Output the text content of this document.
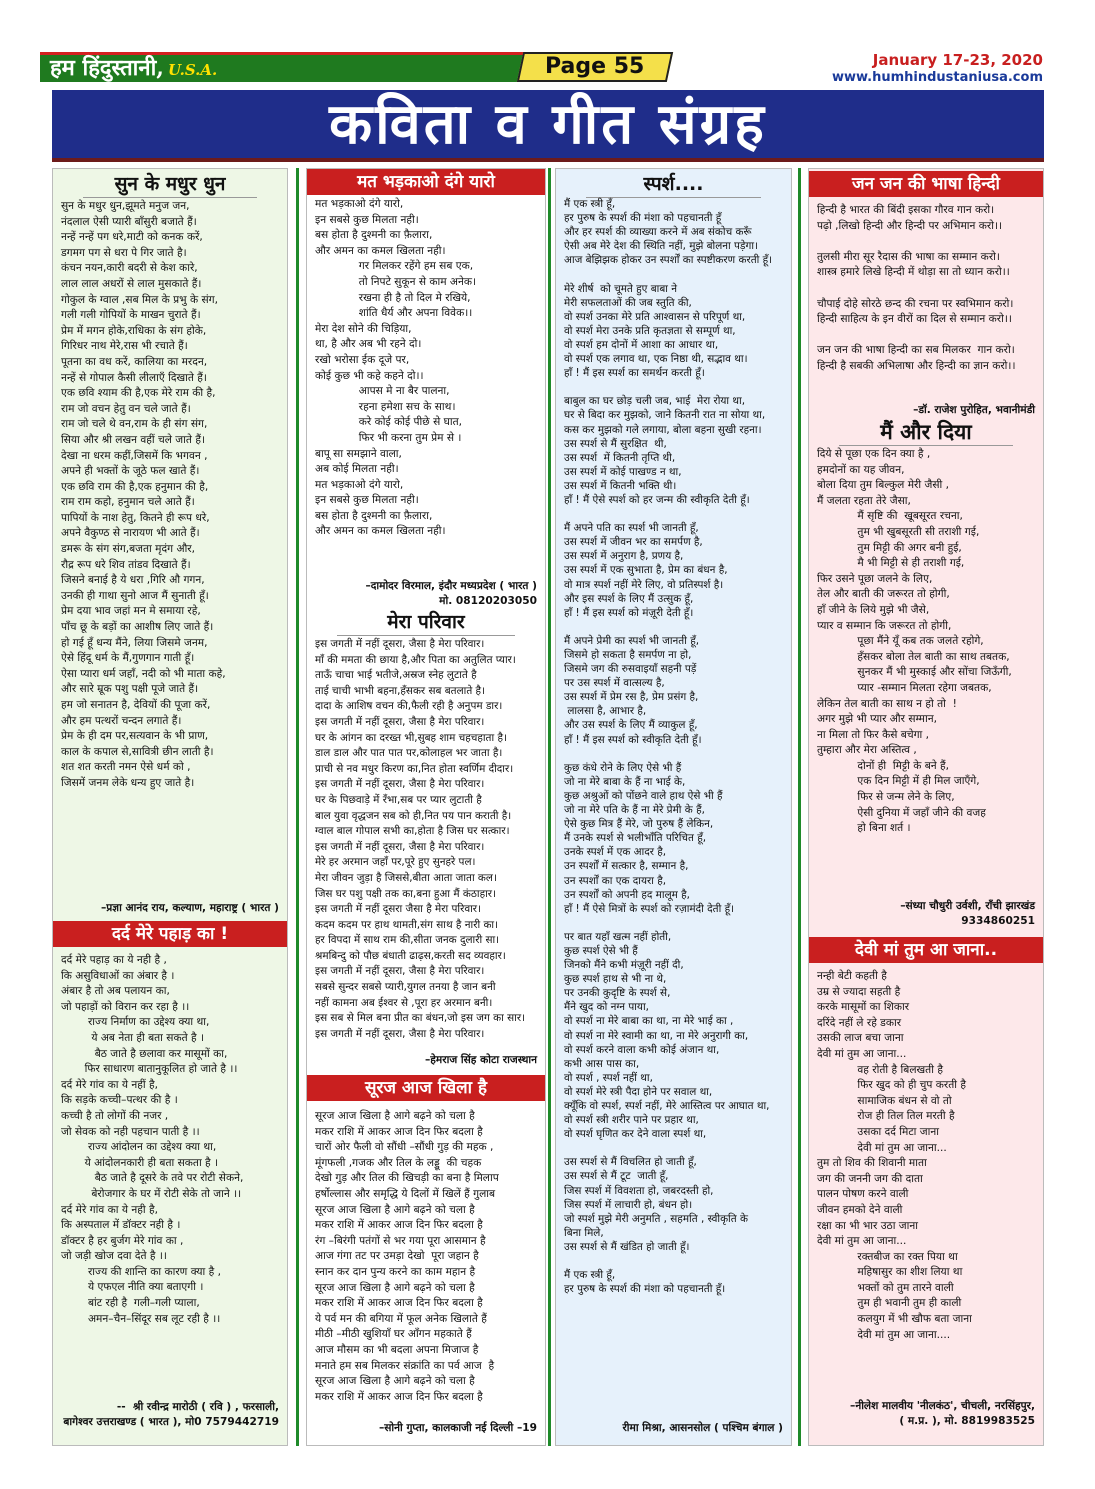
हम हिंदुस्तानी, U.S.A.	Page 55	January 17-23, 2020
www.humhindustaniusa.com
कविता व गीत संग्रह
सुन के मधुर धुन
सुन के मधुर धुन,झूमते मनुज जन,
नंदलाल ऐसी प्यारी बाँसुरी बजाते हैं।
नन्हें नन्हें पग धरे,माटी को कनक करें,
डगमग पग से धरा पे गिर जाते है।
कंचन नयन,कारी बदरी से केश कारे,
लाल लाल अधरों से लाल मुसकाते हैं।
गोकुल के ग्वाल ,सब मिल के प्रभु के संग,
गली गली गोपियों के माखन चुराते हैं।
प्रेम में मगन होके,राधिका के संग होके,
गिरिधर नाथ मेरे,रास भी रचाते हैं।
पूतना का वध करें, कालिया का मरदन,
नन्हें से गोपाल कैसी लीलाएँ दिखाते हैं।
एक छवि श्याम की है,एक मेरे राम की है,
राम जो वचन हेतु वन चले जाते हैं।
राम जो चले थे वन,राम के ही संग संग,
सिया और श्री लखन वहीं चले जाते हैं।
देखा ना धरम कहीं,जिसमें कि भगवन ,
अपने ही भक्तों के जूठे फल खाते हैं।
एक छवि राम की है,एक हनुमान की है,
राम राम कहो, हनुमान चले आते हैं।
पापियों के नाश हेतु, कितने ही रूप धरे,
अपने वैकुण्ठ से नारायण भी आते हैं।
डमरू के संग संग,बजता मृदंग और,
रौद्र रूप धरे शिव तांडव दिखाते हैं।
जिसने बनाई है ये धरा ,गिरि औ गगन,
उनकी ही गाथा सुनो आज मैं सुनाती हूँ।
प्रेम दया भाव जहां मन मे समाया रहे,
पाँच छू के बड़ों का आशीष लिए जाते हैं।
हो गई हूँ धन्य मैंने, लिया जिसमे जनम,
ऐसे हिंदू धर्म के मैं,गुणगान गाती हूँ।
ऐसा प्यारा धर्म जहाँ, नदी को भी माता कहे,
और सारे म्रूक पशु पक्षी पूजे जाते हैं।
हम जो सनातन है, देवियों की पूजा करें,
और हम पत्थरों चन्दन लगाते हैं।
प्रेम के ही दम पर,सत्यवान के भी प्राण,
काल के कपाल से,सावित्री छीन लाती है।
शत शत करती नमन ऐसे धर्म को ,
जिसमें जनम लेके धन्य हुए जाते है।
–प्रज्ञा आनंद राय, कल्याण, महाराष्ट्र ( भारत )
दर्द मेरे पहाड़ का !
दर्द मेरे पहाड़ का ये नही है ,
कि असुविधाओं का अंबार है ।
अंबार है तो अब पलायन का,
जो पहाड़ों को विरान कर रहा है ।।
राज्य निर्माण का उद्देश्य क्या था,
ये अब नेता ही बता सकते है ।
बैठ जाते है छलावा कर मासूमों का,
फिर साधारण बातानुकूलित हो जाते है ।।
दर्द मेरे गांव का ये नहीं है,
कि सड़के कच्ची–पत्थर की है ।
कच्ची है तो लोगों की नजर ,
जो सेवक को नही पहचान पाती है ।।
राज्य आंदोलन का उद्देश्य क्या था,
ये आंदोलनकारी ही बता सकता है ।
बैठ जाते है दूसरे के तवे पर रोटी सेकने,
बेरोजगार के घर में रोटी सेके तो जाने ।।
दर्द मेरे गांव का ये नही है,
कि अस्पताल में डॉक्टर नही है ।
डॉक्टर है हर बुर्जग मेरे गांव का ,
जो जड़ी खोज दवा देते है ।।
राज्य की शान्ति का कारण क्या है ,
ये एफएल नीति क्या बताएगी ।
बांट रही है  गली–गली प्याला,
अमन–चैन–सिंदूर सब लूट रही है ।।
--  श्री रवीन्द्र मारोठी ( रवि ) , फरसाली,
बागेश्वर उत्तराखण्ड ( भारत ), मो0 7579442719
मत भड़काओ दंगे यारो
मत भड़काओ दंगे यारो,
इन सबसे कुछ मिलता नही।
बस होता है दुश्मनी का फ़ैलारा,
और अमन का कमल खिलता नही।
गर मिलकर रहेंगे हम सब एक,
तो निपटे सुकून से काम अनेक।
रखना ही है तो दिल मे रखिये,
शांति धैर्य और अपना विवेक।।
मेरा देश सोने की चिड़िया,
था, है और अब भी रहने दो।
रखो भरोसा ईक दूजे पर,
कोई कुछ भी कहे कहने दो।।
आपस मे ना बैर पालना,
रहना हमेशा सच के साथ।
करे कोई कोई पीछे से घात,
फिर भी करना तुम प्रेम से ।
बापू सा समझाने वाला,
अब कोई मिलता नही।
मत भड़काओ दंगे यारो,
इन सबसे कुछ मिलता नही।
बस होता है दुश्मनी का फ़ैलारा,
और अमन का कमल खिलता नही।
–दामोदर विरमाल, इंदौर मध्यप्रदेश ( भारत )
मो. 08120203050
मेरा परिवार
इस जगती में नहीं दूसरा, जैसा है मेरा परिवार।
माँ की ममता की छाया है,और पिता का अतुलित प्यार।
ताऊँ चाचा भाई भतीजे,अस्रज स्नेह लुटाते है
ताई चाची भाभी बहना,हँसकर सब बतलाते है।
दादा के आशिष वचन की,फैली रही है अनुपम डार।
इस जगती में नहीं दूसरा, जैसा है मेरा परिवार।
घर के आंगन का दरख्त भी,सुबह शाम चहचहाता है।
डाल डाल और पात पात पर,कोलाहल भर जाता है।
प्राची से नव मधुर किरण का,नित होता स्वर्णिम दीदार।
इस जगती में नहीं दूसरा, जैसा है मेरा परिवार।
घर के पिछवाड़े में रँभा,सब पर प्यार लुटाती है
बाल युवा वृद्धजन सब को ही,नित पय पान कराती है।
ग्वाल बाल गोपाल सभी का,होता है जिस घर सत्कार।
इस जगती में नहीं दूसरा, जैसा है मेरा परिवार।
मेरे हर अरमान जहाँ पर,पूरे हुए सुनहरे पल।
मेरा जीवन जुड़ा है जिससे,बीता आता जाता कल।
जिस घर पशु पक्षी तक का,बना हुआ मैं कंठाहार।
इस जगती में नहीं दूसरा जैसा है मेरा परिवार।
कदम कदम पर हाथ थामती,संग साथ है नारी का।
हर विपदा में साथ राम की,सीता जनक दुलारी सा।
श्रमबिन्दु को पौछ बंधाती ढाढ़स,करती सद व्यवहार।
इस जगती में नहीं दूसरा, जैसा है मेरा परिवार।
सबसे सुन्दर सबसे प्यारी,युगल तनया है जान बनी
नहीं कामना अब ईश्वर से ,पूरा हर अरमान बनी।
इस सब से मिल बना प्रीत का बंधन,जो इस जग का सार।
इस जगती में नहीं दूसरा, जैसा है मेरा परिवार।
–हेमराज सिंह कोटा राजस्थान
सूरज आज खिला है
सूरज आज खिला है आगे बढ़ने को चला है
मकर राशि में आकर आज दिन फिर बदला है
चारों ओर फैली वो सौंधी –सौंधी गुड़ की महक ,
मूंगफली ,गजक और तिल के लड्डू  की चहक
देखो गुड़ और तिल की खिचड़ी का बना है मिलाप
हर्षोल्लास और समृद्धि ये दिलों में खिलें हैं गुलाब
सूरज आज खिला है आगे बढ़ने को चला है
मकर राशि में आकर आज दिन फिर बदला है
रंग –बिरंगी पतंगों से भर गया पूरा आसमान है
आज गंगा तट पर उमड़ा देखो  पूरा जहान है
स्नान कर दान पुन्य करने का काम महान है
सूरज आज खिला है आगे बढ़ने को चला है
मकर राशि में आकर आज दिन फिर बदला है
ये पर्व मन की बगिया में फूल अनेक खिलाते हैं
मीठी –मीठी खुशियाँ घर आँगन महकाते हैं
आज मौसम का भी बदला अपना मिजाज है
मनाते हम सब मिलकर संक्रांति का पर्व आज  है
सूरज आज खिला है आगे बढ़ने को चला है
मकर राशि में आकर आज दिन फिर बदला है
–सोनी गुप्ता, कालकाजी नई दिल्ली –19
स्पर्श....
मैं एक स्त्री हूँ,
हर पुरुष के स्पर्श की मंशा को पहचानती हूँ
और हर स्पर्श की व्याख्या करने में अब संकोच करूँ
ऐसी अब मेरे देश की स्थिति नहीं, मुझे बोलना पड़ेगा।
आज बेझिझक होकर उन स्पर्शों का स्पष्टीकरण करती हूँ।

मेरे शीर्ष  को चूमते हुए बाबा ने
मेरी सफलताओं की जब स्तुति की,
वो स्पर्श उनका मेरे प्रति आश्वासन से परिपूर्ण था,
वो स्पर्श मेरा उनके प्रति कृतज्ञता से सम्पूर्ण था,
वो स्पर्श हम दोनों में आशा का आधार था,
वो स्पर्श एक लगाव था, एक निष्ठा थी, सद्भाव था।
हाँ ! मैं इस स्पर्श का समर्थन करती हूँ।

बाबुल का घर छोड़ चली जब, भाई  मेरा रोया था,
घर से बिदा कर मुझको, जाने कितनी रात ना सोया था,
कस कर मुझको गले लगाया, बोला बहना सुखी रहना।
उस स्पर्श से मैं सुरक्षित  थी,
उस स्पर्श  में कितनी तृप्ति थी,
उस स्पर्श में कोई पाखण्ड न था,
उस स्पर्श में कितनी भक्ति थी।
हाँ ! मैं ऐसे स्पर्श को हर जन्म की स्वीकृति देती हूँ।

मैं अपने पति का स्पर्श भी जानती हूँ,
उस स्पर्श में जीवन भर का समर्पण है,
उस स्पर्श में अनुराग है, प्रणय है,
उस स्पर्श में एक सुभाता है, प्रेम का बंधन है,
वो मात्र स्पर्श नहीं मेरे लिए, वो प्रतिस्पर्श है।
और इस स्पर्श के लिए मैं उत्सुक हूँ,
हाँ ! मैं इस स्पर्श को मंज़ूरी देती हूँ।

मैं अपने प्रेमी का स्पर्श भी जानती हूँ,
जिसमे हो सकता है समर्पण ना हो,
जिसमे जग की रुसवाइयाँ सहनी पड़ें
पर उस स्पर्श में वात्सल्य है,
उस स्पर्श में प्रेम रस है, प्रेम प्रसंग है,
लालसा है, आभार है,
और उस स्पर्श के लिए मैं व्याकुल हूँ,
हाँ ! मैं इस स्पर्श को स्वीकृति देती हूँ।

कुछ कंधे रोने के लिए ऐसे भी हैं
जो ना मेरे बाबा के हैं ना भाई के,
कुछ अश्रुओं को पोंछने वाले हाथ ऐसे भी हैं
जो ना मेरे पति के हैं ना मेरे प्रेमी के हैं,
ऐसे कुछ मित्र हैं मेरे, जो पुरुष हैं लेकिन,
मैं उनके स्पर्श से भलीभाँति परिचित हूँ,
उनके स्पर्श में एक आदर है,
उन स्पर्शों में सत्कार है, सम्मान है,
उन स्पर्शों का एक दायरा है,
उन स्पर्शों को अपनी हद मालूम है,
हाँ ! मैं ऐसे मित्रों के स्पर्श को रज़ामंदी देती हूँ।

पर बात यहाँ खत्म नहीं होती,
कुछ स्पर्श ऐसे भी हैं
जिनको मैंने कभी मंज़ूरी नहीं दी,
कुछ स्पर्श हाथ से भी ना थे,
पर उनकी कुदृष्टि के स्पर्श से,
मैंने खुद को नग्न पाया,
वो स्पर्श ना मेरे बाबा का था, ना मेरे भाई का ,
वो स्पर्श ना मेरे स्वामी का था, ना मेरे अनुरागी का,
वो स्पर्श करने वाला कभी कोई अंजान था,
कभी आस पास का,
वो स्पर्श , स्पर्श नहीं था,
वो स्पर्श मेरे स्त्री पैदा होने पर सवाल था,
क्यूँकि वो स्पर्श, स्पर्श नहीं, मेरे आस्तित्व पर आघात था,
वो स्पर्श स्त्री शरीर पाने पर प्रहार था,
वो स्पर्श घृणित कर देने वाला स्पर्श था,

उस स्पर्श से मैं विचलित हो जाती हूँ,
उस स्पर्श से मैं टूट  जाती हूँ,
जिस स्पर्श में विवशता हो, जबरदस्ती हो,
जिस स्पर्श में लाचारी हो, बंधन हो।
जो स्पर्श मुझे मेरी अनुमति , सहमति , स्वीकृति के
बिना मिले,
उस स्पर्श से मैं खंडित हो जाती हूँ।

मैं एक स्त्री हूँ,
हर पुरुष के स्पर्श की मंशा को पहचानती हूँ।
रीमा मिश्रा, आसनसोल ( पश्चिम बंगाल )
जन जन की भाषा हिन्दी
हिन्दी है भारत की बिंदी इसका गौरव गान करो।
पढ़ो ,लिखो हिन्दी और हिन्दी पर अभिमान करो।।

तुलसी मीरा सूर रैदास की भाषा का सम्मान करो।
शास्त्र हमारे लिखे हिन्दी में थोड़ा सा तो ध्यान करो।।

चौपाई दोहे सोरठे छन्द की रचना पर स्वभिमान करो।
हिन्दी साहित्य के इन वीरों का दिल से सम्मान करो।।

जन जन की भाषा हिन्दी का सब मिलकर  गान करो।
हिन्दी है सबकी अभिलाषा और हिन्दी का ज्ञान करो।।
–डॉ. राजेश पुरोहित, भवानीमंडी
मैं और दिया
दिये से पूछा एक दिन क्या है ,
हमदोनों का यह जीवन,
बोला दिया तुम बिल्कुल मेरी जैसी ,
मैं जलता रहता तेरे जैसा,
मैं सृष्टि की  खूबसूरत रचना,
तुम भी खुबसूरती सी तराशी गई,
तुम मिट्टी की अगर बनी हुई,
मै भी मिट्टी से ही तराशी गई,
फिर उसने पूछा जलने के लिए,
तेल और बाती की जरूरत तो होगी,
हाँ जीने के लिये मुझे भी जैसे,
प्यार व सम्मान कि जरूरत तो होगी,
पूछा मैंने यूँ कब तक जलते रहोगे,
हँसकर बोला तेल बाती का साथ तबतक,
सुनकर मैं भी मुस्काई और सोंचा जिऊँगी,
प्यार -सम्मान मिलता रहेगा जबतक,
लेकिन तेल बाती का साथ न हो तो  !
अगर मुझे भी प्यार और सम्मान,
ना मिला तो फिर कैसे बचेगा ,
तुम्हारा और मेरा अस्तित्व ,
दोनों ही  मिट्टी के बने हैं,
एक दिन मिट्टी में ही मिल जाएँगे,
फिर से जन्म लेने के लिए,
ऐसी दुनिया में जहाँ जीने की वजह
हो बिना शर्त ।
–संध्या चौधुरी उर्वशी, राँची झारखंड
9334860251
देवी मां तुम आ जाना..
नन्ही बेटी कहती है
उम्र से ज्यादा सहती है
करके मासूमों का शिकार
दरिंदे नहीं ले रहे डकार
उसकी लाज बचा जाना
देवी मां तुम आ जाना...
वह रोती है बिलखती है
फिर खुद को ही चुप करती है
सामाजिक बंधन से वो तो
रोज ही तिल तिल मरती है
उसका दर्द मिटा जाना
देवी मां तुम आ जाना...
तुम तो शिव की शिवानी माता
जग की जननी जग की दाता
पालन पोषण करने वाली
जीवन हमको देने वाली
रक्षा का भी भार उठा जाना
देवी मां तुम आ जाना...
रक्तबीज का रक्त पिया था
महिषासुर का शीश लिया था
भक्तों को तुम तारने वाली
तुम ही भवानी तुम ही काली
कलयुग में भी खौफ बता जाना
देवी मां तुम आ जाना....
–नीलेश मालवीय 'नीलकंठ', चीचली, नरसिंहपुर,
( म.प्र. ), मो. 8819983525
